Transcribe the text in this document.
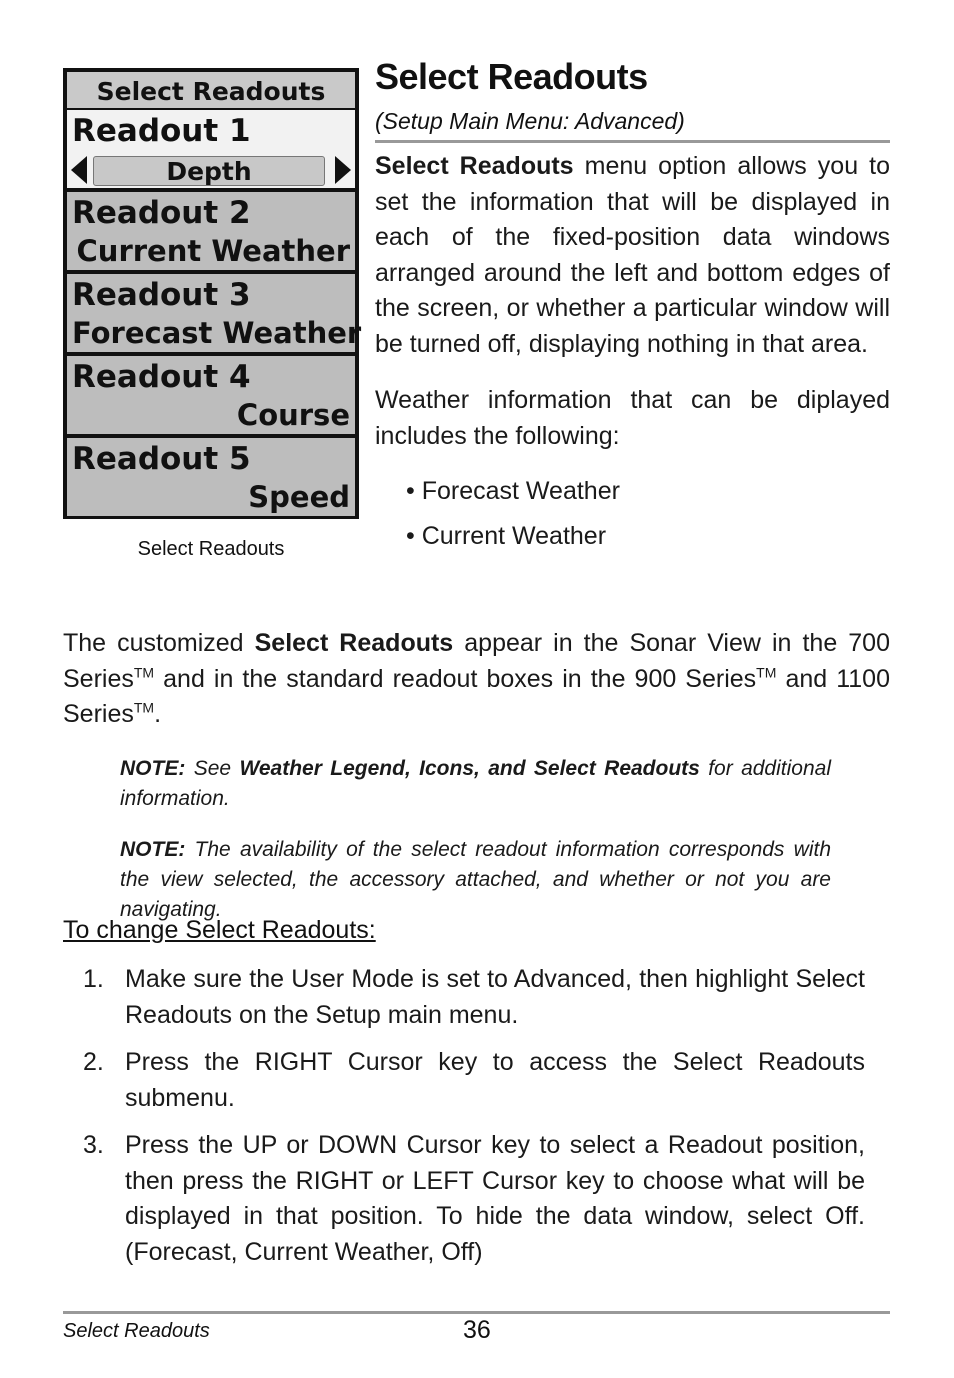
Select Readouts
Readout 1
Depth
Readout 2
Current Weather
Readout 3
Forecast Weather
Readout 4
Course
Readout 5
Speed
Select Readouts
Select Readouts
(Setup Main Menu: Advanced)
Select Readouts menu option allows you to set the information that will be displayed in each of the fixed-position data windows arranged around the left and bottom edges of the screen, or whether a particular window will be turned off, displaying nothing in that area.
Weather information that can be diplayed includes the following:
• Forecast Weather
• Current Weather
The customized Select Readouts appear in the Sonar View in the 700 Series™ and in the standard readout boxes in the 900 Series™ and 1100 Series™.
NOTE: See Weather Legend, Icons, and Select Readouts for additional information.
NOTE: The availability of the select readout information corresponds with the view selected, the accessory attached, and whether or not you are navigating.
To change Select Readouts:
1. Make sure the User Mode is set to Advanced, then highlight Select Readouts on the Setup main menu.
2. Press the RIGHT Cursor key to access the Select Readouts submenu.
3. Press the UP or DOWN Cursor key to select a Readout position, then press the RIGHT or LEFT Cursor key to choose what will be displayed in that position. To hide the data window, select Off. (Forecast, Current Weather, Off)
Select Readouts	36
